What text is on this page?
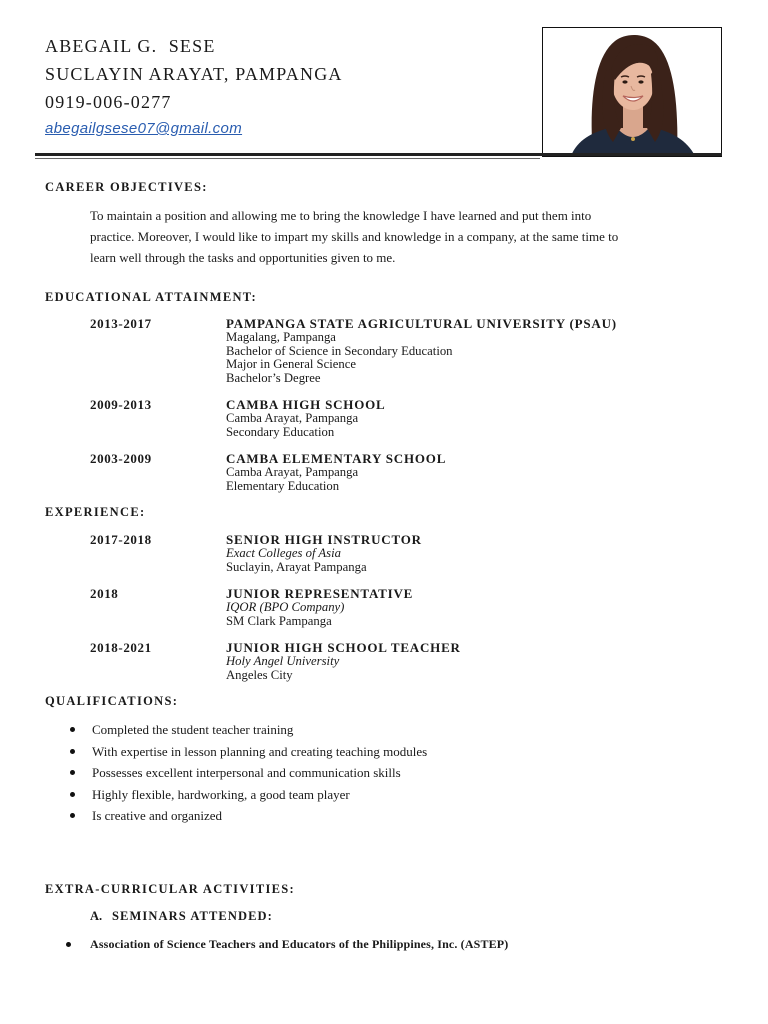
ABEGAIL G.  SESE
SUCLAYIN ARAYAT, PAMPANGA
0919-006-0277
abegailgsese07@gmail.com
CAREER OBJECTIVES:
To maintain a position and allowing me to bring the knowledge I have learned and put them into
practice. Moreover, I would like to impart my skills and knowledge in a company, at the same time to
learn well through the tasks and opportunities given to me.
EDUCATIONAL ATTAINMENT:
2013-2017	PAMPANGA STATE AGRICULTURAL UNIVERSITY (PSAU)
Magalang, Pampanga
Bachelor of Science in Secondary Education
Major in General Science
Bachelor’s Degree
2009-2013	CAMBA HIGH SCHOOL
Camba Arayat, Pampanga
Secondary Education
2003-2009	CAMBA ELEMENTARY SCHOOL
Camba Arayat, Pampanga
Elementary Education
EXPERIENCE:
2017-2018	SENIOR HIGH INSTRUCTOR
Exact Colleges of Asia
Suclayin, Arayat Pampanga
2018	JUNIOR REPRESENTATIVE
IQOR (BPO Company)
SM Clark Pampanga
2018-2021	JUNIOR HIGH SCHOOL TEACHER
Holy Angel University
Angeles City
QUALIFICATIONS:
Completed the student teacher training
With expertise in lesson planning and creating teaching modules
Possesses excellent interpersonal and communication skills
Highly flexible, hardworking, a good team player
Is creative and organized
EXTRA-CURRICULAR ACTIVITIES:
A. SEMINARS ATTENDED:
Association of Science Teachers and Educators of the Philippines, Inc. (ASTEP)
